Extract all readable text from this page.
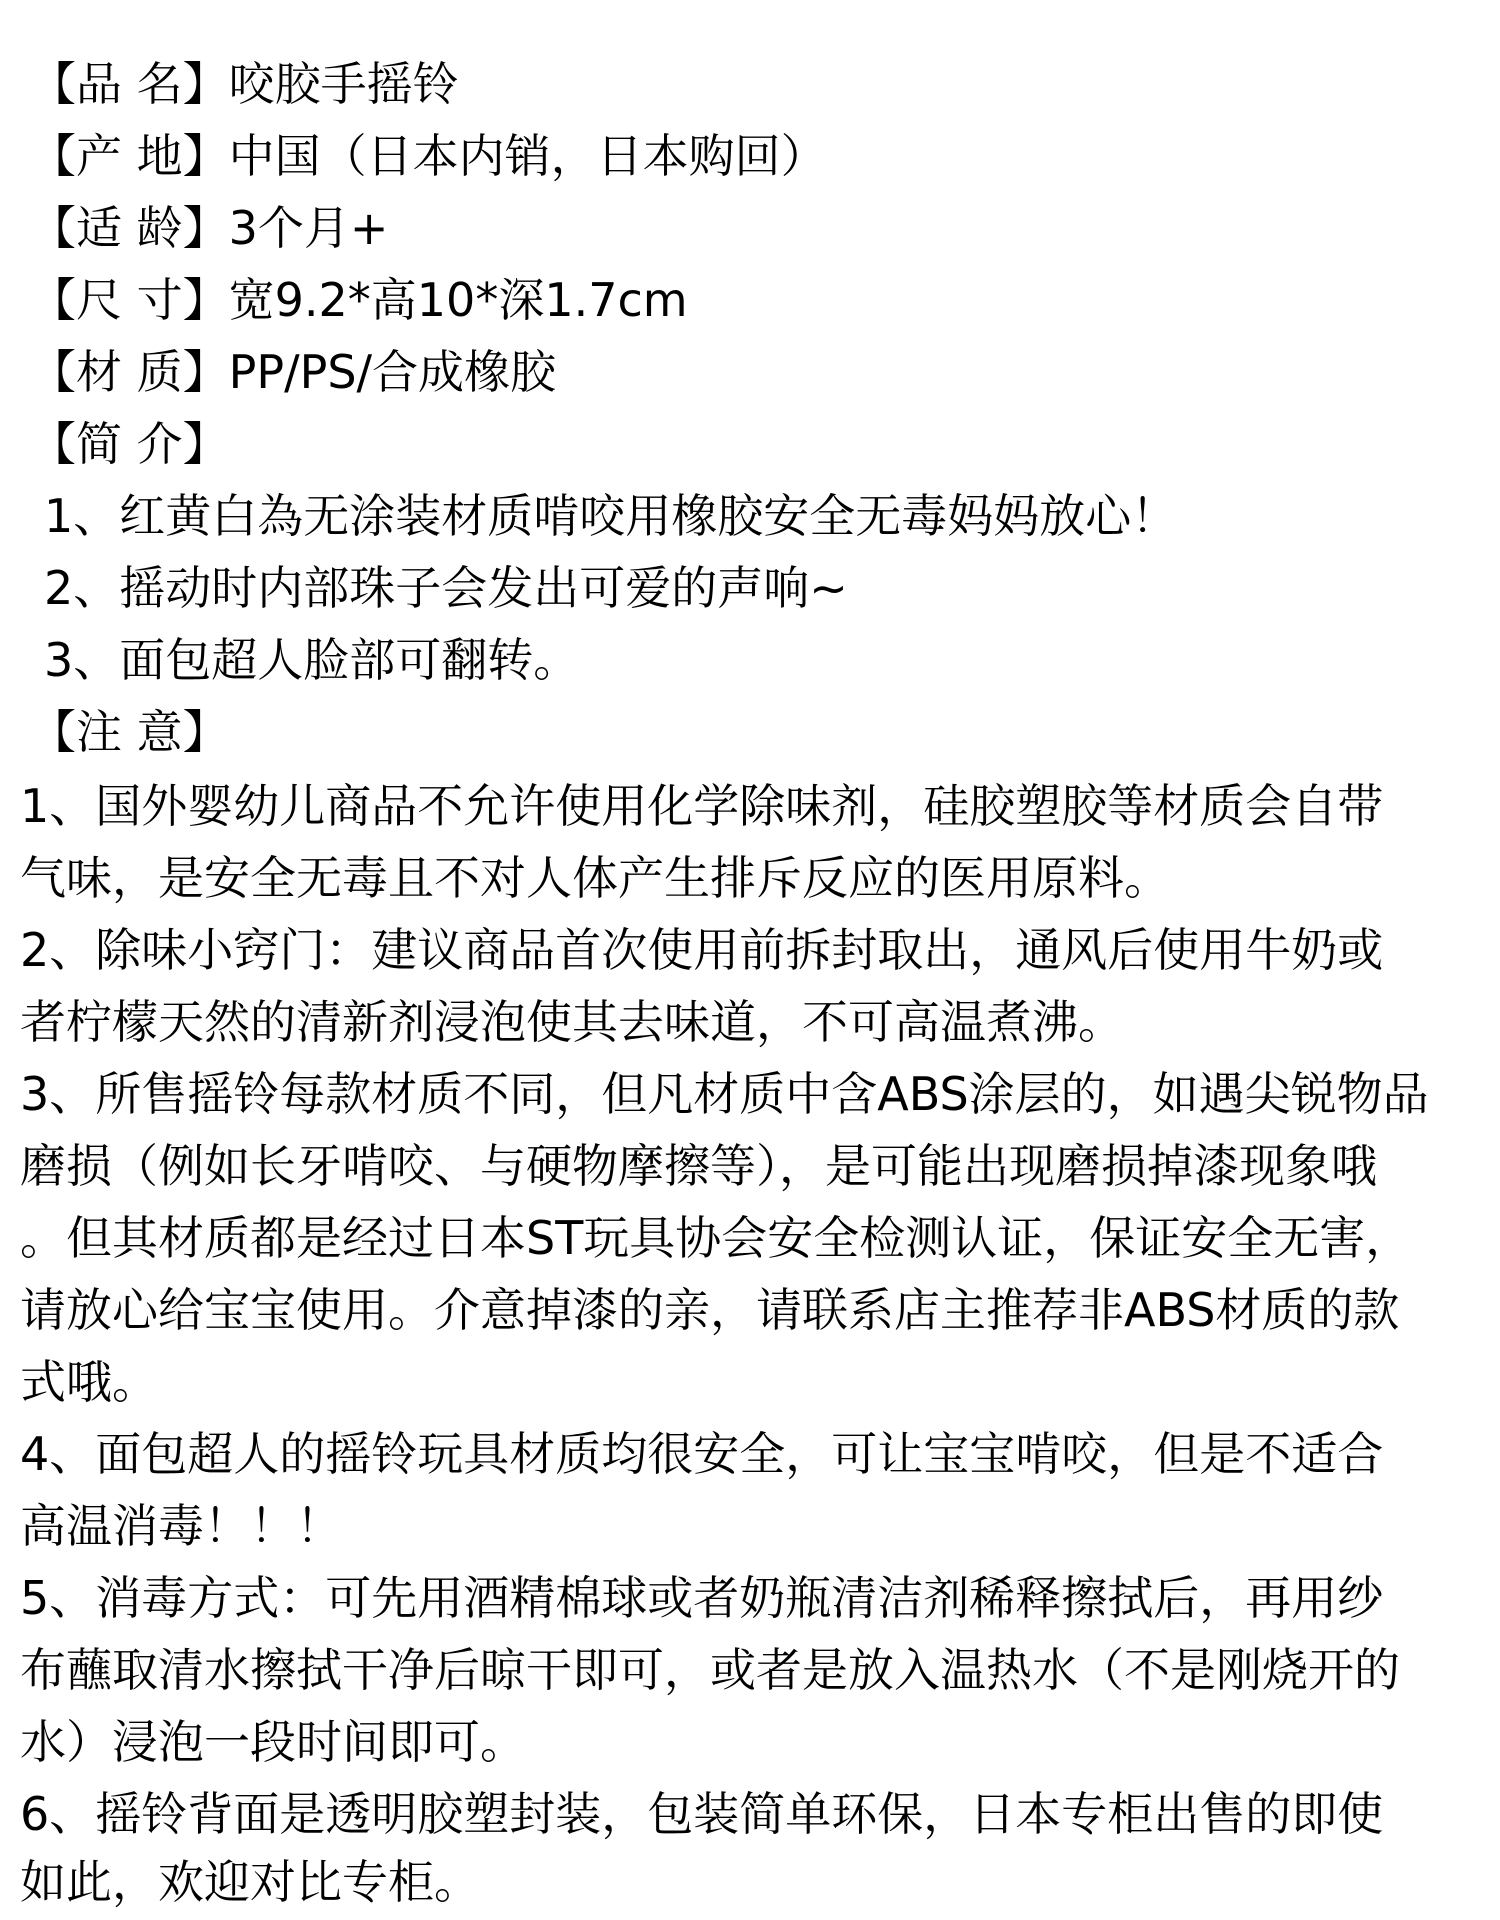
【品 名】咬胶手摇铃
【产 地】中国（日本内销，日本购回）
【适 龄】3个月+
【尺 寸】宽9.2*高10*深1.7cm
【材 质】PP/PS/合成橡胶
【简 介】
1、红黄白為无涂装材质啃咬用橡胶安全无毒妈妈放心！
2、摇动时内部珠子会发出可爱的声响~
3、面包超人脸部可翻转。
【注 意】
1、国外婴幼儿商品不允许使用化学除味剂，硅胶塑胶等材质会自带
气味，是安全无毒且不对人体产生排斥反应的医用原料。
2、除味小窍门：建议商品首次使用前拆封取出，通风后使用牛奶或
者柠檬天然的清新剂浸泡使其去味道，不可高温煮沸。
3、所售摇铃每款材质不同，但凡材质中含ABS涂层的，如遇尖锐物品
磨损（例如长牙啃咬、与硬物摩擦等），是可能出现磨损掉漆现象哦
。但其材质都是经过日本ST玩具协会安全检测认证，保证安全无害，
请放心给宝宝使用。介意掉漆的亲，请联系店主推荐非ABS材质的款
式哦。
4、面包超人的摇铃玩具材质均很安全，可让宝宝啃咬，但是不适合
高温消毒！！！
5、消毒方式：可先用酒精棉球或者奶瓶清洁剂稀释擦拭后，再用纱
布蘸取清水擦拭干净后晾干即可，或者是放入温热水（不是刚烧开的
水）浸泡一段时间即可。
6、摇铃背面是透明胶塑封装，包装简单环保，日本专柜出售的即使
如此，欢迎对比专柜。
